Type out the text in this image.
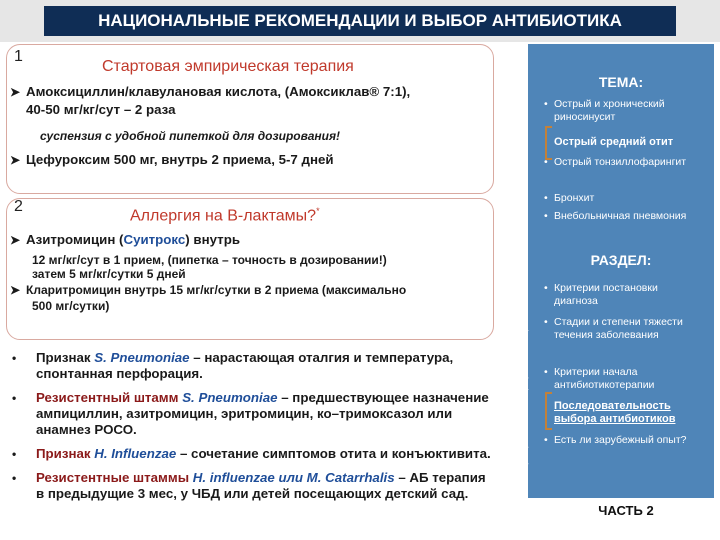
НАЦИОНАЛЬНЫЕ РЕКОМЕНДАЦИИ И ВЫБОР АНТИБИОТИКА
1
Стартовая эмпирическая терапия
➤ Амоксициллин/клавулановая кислота, (Амоксиклав® 7:1),
40-50 мг/кг/сут – 2 раза
суспензия с удобной пипеткой для дозирования!
➤ Цефуроксим 500 мг, внутрь 2 приема, 5-7 дней
2
Аллергия на В-лактамы?*
➤ Азитромицин (Суитрокс) внутрь
12 мг/кг/сут в 1 прием, (пипетка – точность в дозировании!)
затем 5 мг/кг/сутки 5 дней
➤ Кларитромицин внутрь 15 мг/кг/сутки в 2 приема (максимально
500 мг/сутки)
• Признак S. Pneumoniae – нарастающая оталгия и температура,
спонтанная перфорация.
• Резистентный штамм S. Pneumoniae – предшествующее назначение
ампициллин, азитромицин, эритромицин, ко–тримоксазол или
анамнез РОСО.
• Признак H. Influenzae – сочетание симптомов отита и конъюктивита.
• Резистентные штаммы H. influenzae или M. Catarrhalis – АБ терапия
в предыдущие 3 мес, у ЧБД или детей посещающих детский сад.
Препарат МНН. Регистрационный номер: П N015254/01, ЛП-000234
ТЕМА:
• Острый и хронический риносинусит
Острый средний отит
• Острый тонзиллофарингит
• Бронхит
• Внебольничная пневмония
РАЗДЕЛ:
• Критерии постановки диагноза
• Стадии и степени тяжести течения заболевания
• Критерии начала антибиотикотерапии
Последовательность выбора антибиотиков
• Есть ли зарубежный опыт?
ЧАСТЬ 2
